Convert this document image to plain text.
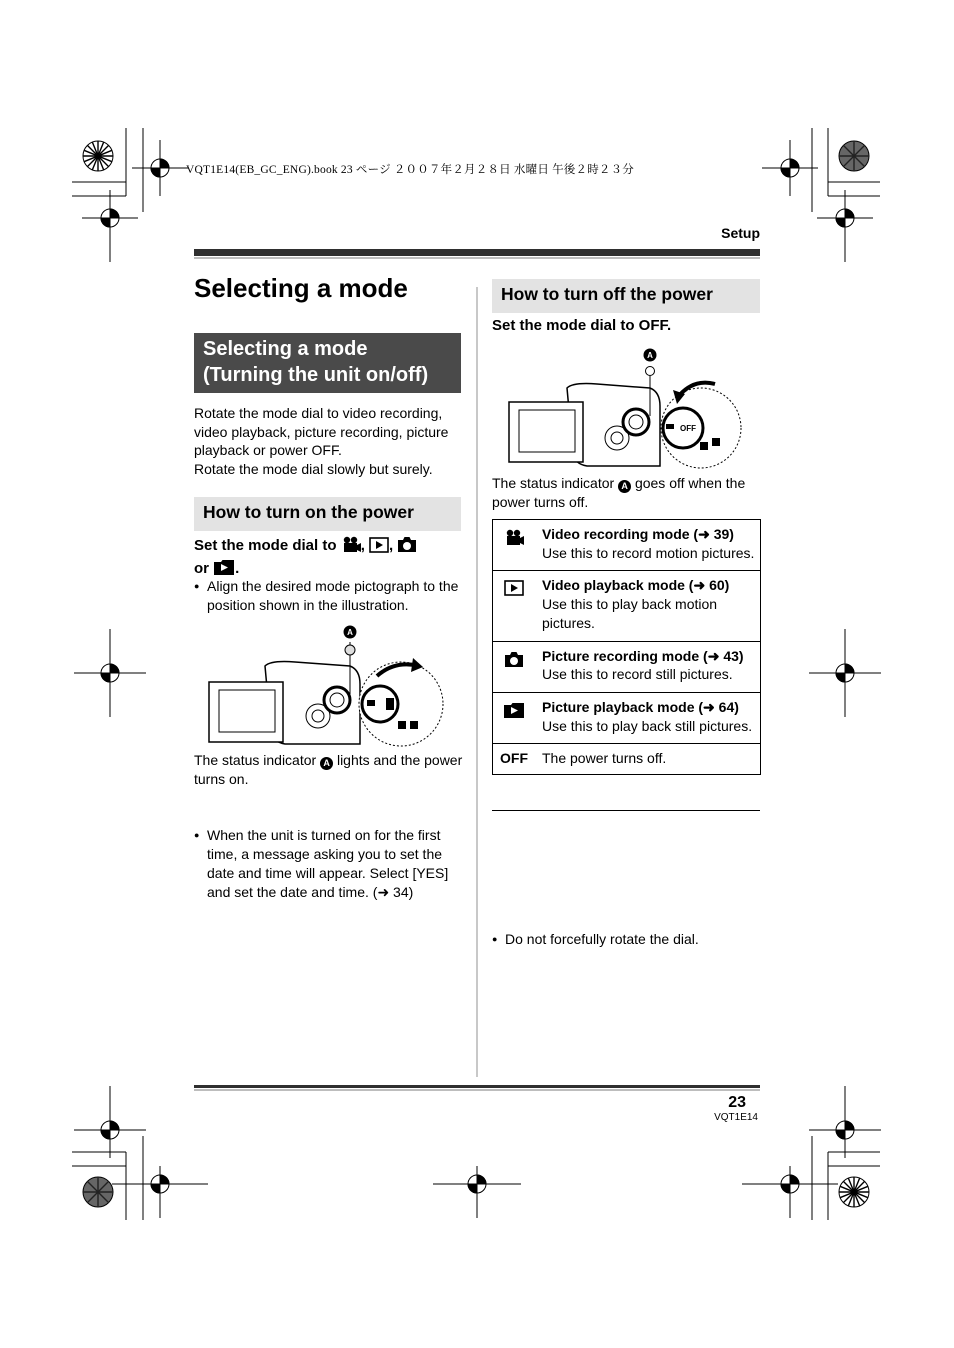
VQT1E14(EB_GC_ENG).book 23 ページ ２００７年２月２８日 水曜日 午後２時２３分
Setup
Selecting a mode
Selecting a mode (Turning the unit on/off)
Rotate the mode dial to video recording, video playback, picture recording, picture playback or power OFF.
Rotate the mode dial slowly but surely.
How to turn on the power
Set the mode dial to , ,
or .
● Align the desired mode pictograph to the position shown in the illustration.
A
The status indicator A lights and the power turns on.
● When the unit is turned on for the first time, a message asking you to set the date and time will appear. Select [YES] and set the date and time. (➜ 34)
How to turn off the power
Set the mode dial to OFF.
A
OFF
The status indicator A goes off when the power turns off.

Video recording mode (➜ 39)
Use this to record motion pictures.

Video playback mode (➜ 60)
Use this to play back motion pictures.

Picture recording mode (➜ 43)
Use this to record still pictures.

Picture playback mode (➜ 64)
Use this to play back still pictures.

OFF	The power turns off.
● Do not forcefully rotate the dial.
23
VQT1E14
